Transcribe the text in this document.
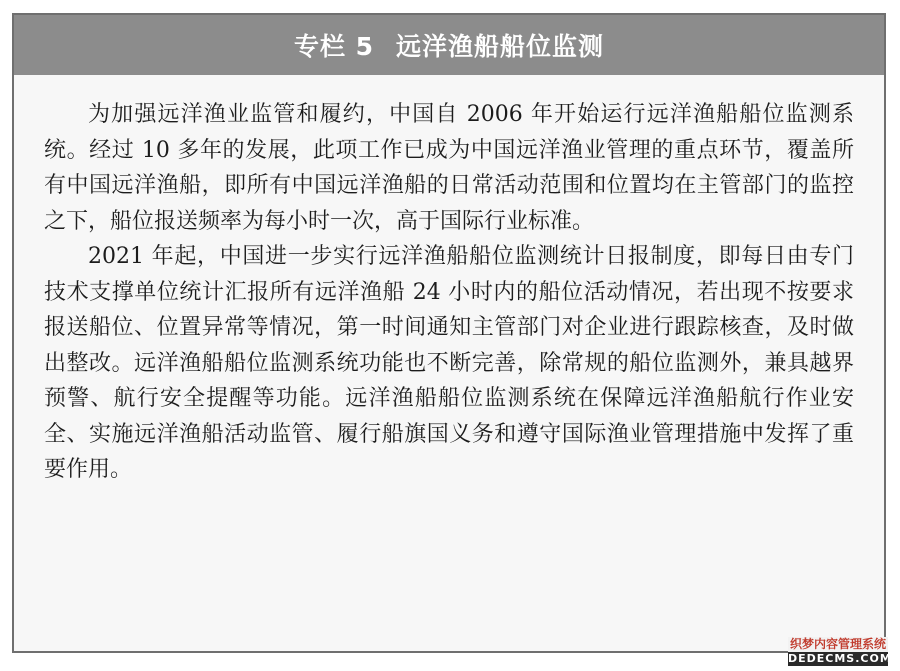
专栏 5 远洋渔船船位监测

为加强远洋渔业监管和履约，中国自 2006 年开始运行远洋渔船船位监测系统。经过 10 多年的发展，此项工作已成为中国远洋渔业管理的重点环节，覆盖所有中国远洋渔船，即所有中国远洋渔船的日常活动范围和位置均在主管部门的监控之下，船位报送频率为每小时一次，高于国际行业标准。

2021 年起，中国进一步实行远洋渔船船位监测统计日报制度，即每日由专门技术支撑单位统计汇报所有远洋渔船 24 小时内的船位活动情况，若出现不按要求报送船位、位置异常等情况，第一时间通知主管部门对企业进行跟踪核查，及时做出整改。远洋渔船船位监测系统功能也不断完善，除常规的船位监测外，兼具越界预警、航行安全提醒等功能。远洋渔船船位监测系统在保障远洋渔船航行作业安全、实施远洋渔船活动监管、履行船旗国义务和遵守国际渔业管理措施中发挥了重要作用。

织梦内容管理系统
DEDECMS.COM
